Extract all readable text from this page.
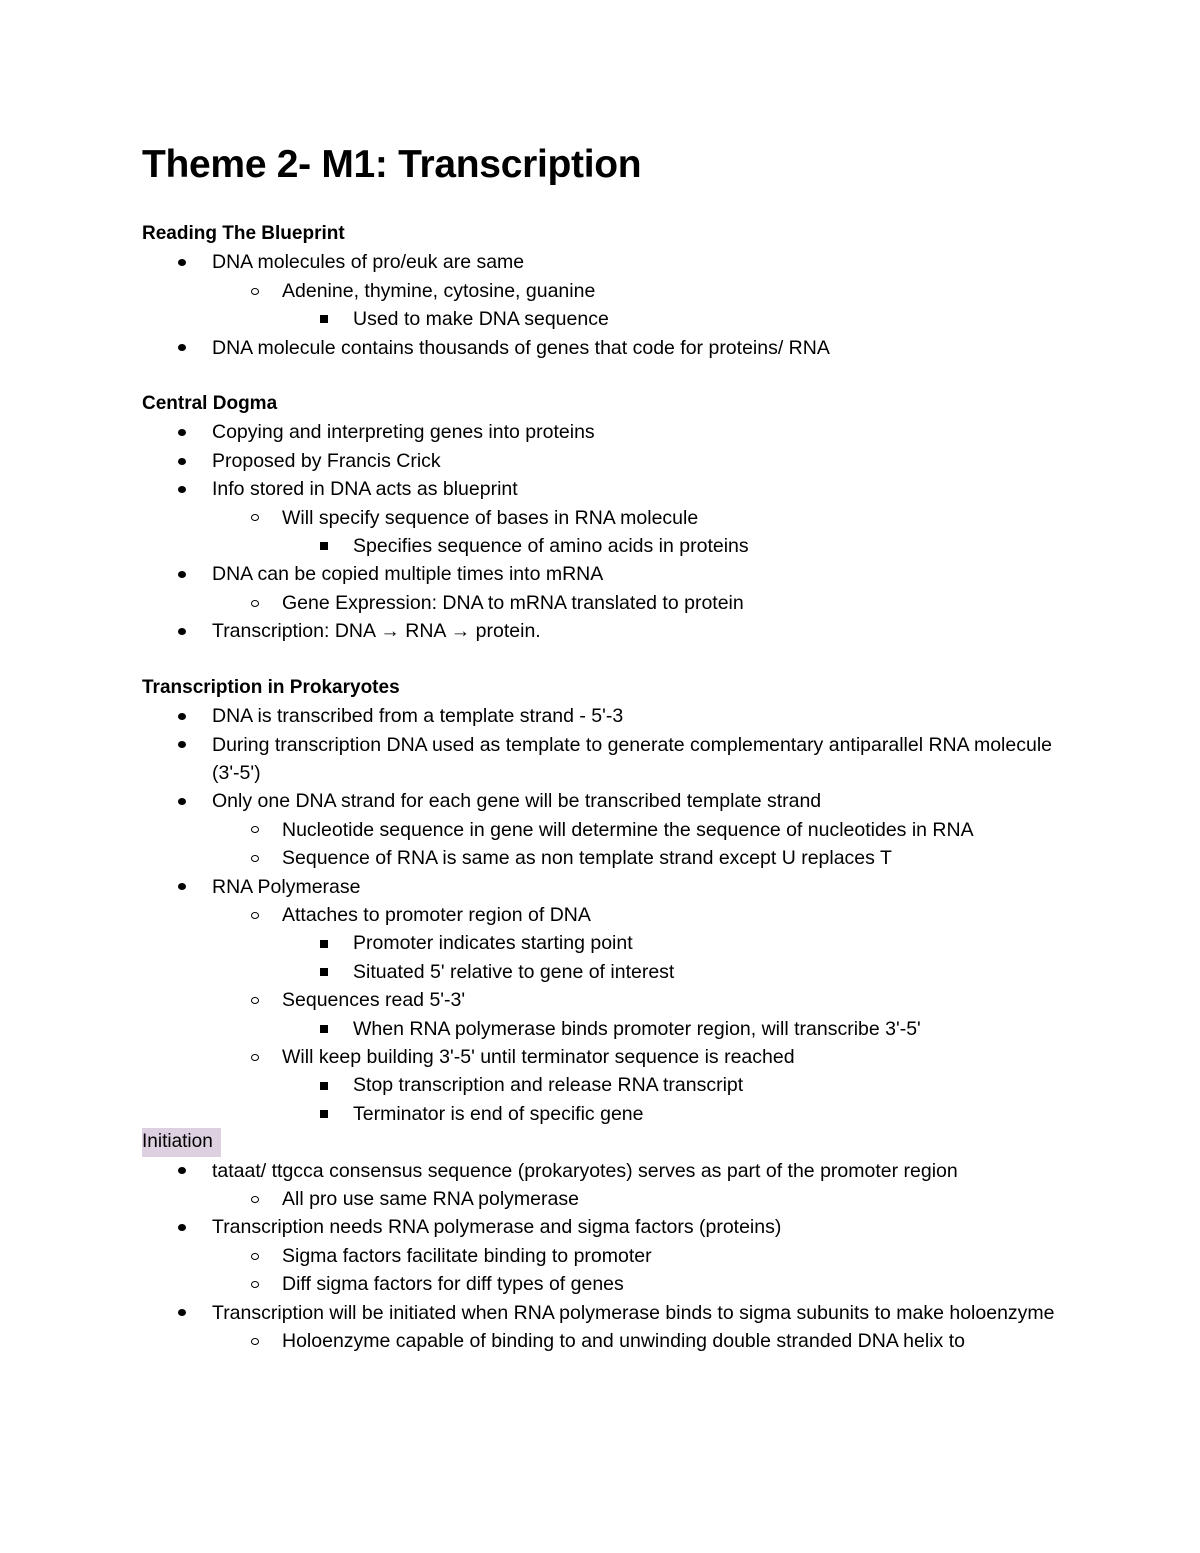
Theme 2- M1: Transcription
Reading The Blueprint
DNA molecules of pro/euk are same
Adenine, thymine, cytosine, guanine
Used to make DNA sequence
DNA molecule contains thousands of genes that code for proteins/ RNA
Central Dogma
Copying and interpreting genes into proteins
Proposed by Francis Crick
Info stored in DNA acts as blueprint
Will specify sequence of bases in RNA molecule
Specifies sequence of amino acids in proteins
DNA can be copied multiple times into mRNA
Gene Expression: DNA to mRNA translated to protein
Transcription: DNA → RNA → protein.
Transcription in Prokaryotes
DNA is transcribed from a template strand - 5'-3
During transcription DNA used as template to generate complementary antiparallel RNA molecule (3'-5')
Only one DNA strand for each gene will be transcribed template strand
Nucleotide sequence in gene will determine the sequence of nucleotides in RNA
Sequence of RNA is same as non template strand except U replaces T
RNA Polymerase
Attaches to promoter region of DNA
Promoter indicates starting point
Situated 5' relative to gene of interest
Sequences read 5'-3'
When RNA polymerase binds promoter region, will transcribe 3'-5'
Will keep building 3'-5' until terminator sequence is reached
Stop transcription and release RNA transcript
Terminator is end of specific gene
Initiation
tataat/ ttgcca consensus sequence (prokaryotes) serves as part of the promoter region
All pro use same RNA polymerase
Transcription needs RNA polymerase and sigma factors (proteins)
Sigma factors facilitate binding to promoter
Diff sigma factors for diff types of genes
Transcription will be initiated when RNA polymerase binds to sigma subunits to make holoenzyme
Holoenzyme capable of binding to and unwinding double stranded DNA helix to
